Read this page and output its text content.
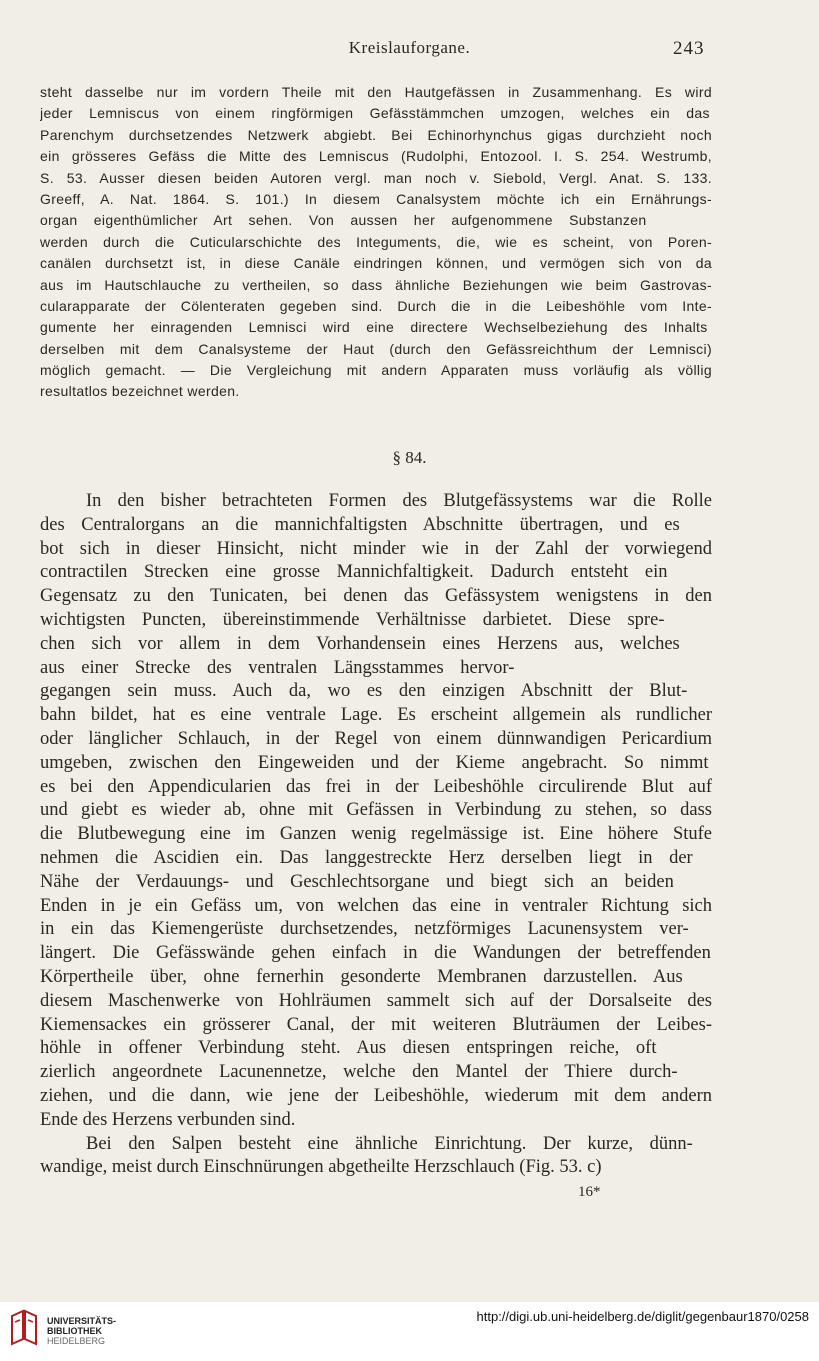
Kreislauforgane.	243
steht dasselbe nur im vordern Theile mit den Hautgefässen in Zusammenhang. Es wird
jeder Lemniscus von einem ringförmigen Gefässtämmchen umzogen, welches ein das
Parenchym durchsetzendes Netzwerk abgiebt. Bei Echinorhynchus gigas durchzieht noch
ein grösseres Gefäss die Mitte des Lemniscus (Rudolphi, Entozool. I. S. 254. Westrumb,
S. 53. Ausser diesen beiden Autoren vergl. man noch v. Siebold, Vergl. Anat. S. 133.
Greeff, A. Nat. 1864. S. 101.) In diesem Canalsystem möchte ich ein Ernährungs-
organ eigenthümlicher Art sehen. Von aussen her aufgenommene Substanzen
werden durch die Cuticularschichte des Integuments, die, wie es scheint, von Poren-
canälen durchsetzt ist, in diese Canäle eindringen können, und vermögen sich von da
aus im Hautschlauche zu vertheilen, so dass ähnliche Beziehungen wie beim Gastrovas-
cularapparate der Cölenteraten gegeben sind. Durch die in die Leibeshöhle vom Inte-
gumente her einragenden Lemnisci wird eine directere Wechselbeziehung des Inhalts
derselben mit dem Canalsysteme der Haut (durch den Gefässreichthum der Lemnisci)
möglich gemacht. — Die Vergleichung mit andern Apparaten muss vorläufig als völlig
resultatlos bezeichnet werden.
§ 84.
In den bisher betrachteten Formen des Blutgefässystems war die Rolle
des Centralorgans an die mannichfaltigsten Abschnitte übertragen, und es
bot sich in dieser Hinsicht, nicht minder wie in der Zahl der vorwiegend
contractilen Strecken eine grosse Mannichfaltigkeit. Dadurch entsteht ein
Gegensatz zu den Tunicaten, bei denen das Gefässystem wenigstens in den
wichtigsten Puncten, übereinstimmende Verhältnisse darbietet. Diese spre-
chen sich vor allem in dem Vorhandensein eines Herzens aus, welches
aus einer Strecke des ventralen Längsstammes hervor-
gegangen sein muss. Auch da, wo es den einzigen Abschnitt der Blut-
bahn bildet, hat es eine ventrale Lage. Es erscheint allgemein als rundlicher
oder länglicher Schlauch, in der Regel von einem dünnwandigen Pericardium
umgeben, zwischen den Eingeweiden und der Kieme angebracht. So nimmt
es bei den Appendicularien das frei in der Leibeshöhle circulirende Blut auf
und giebt es wieder ab, ohne mit Gefässen in Verbindung zu stehen, so dass
die Blutbewegung eine im Ganzen wenig regelmässige ist. Eine höhere Stufe
nehmen die Ascidien ein. Das langgestreckte Herz derselben liegt in der
Nähe der Verdauungs- und Geschlechtsorgane und biegt sich an beiden
Enden in je ein Gefäss um, von welchen das eine in ventraler Richtung sich
in ein das Kiemengerüste durchsetzendes, netzförmiges Lacunensystem ver-
längert. Die Gefässwände gehen einfach in die Wandungen der betreffenden
Körpertheile über, ohne fernerhin gesonderte Membranen darzustellen. Aus
diesem Maschenwerke von Hohlräumen sammelt sich auf der Dorsalseite des
Kiemensackes ein grösserer Canal, der mit weiteren Bluträumen der Leibes-
höhle in offener Verbindung steht. Aus diesen entspringen reiche, oft
zierlich angeordnete Lacunennetze, welche den Mantel der Thiere durch-
ziehen, und die dann, wie jene der Leibeshöhle, wiederum mit dem andern
Ende des Herzens verbunden sind.
Bei den Salpen besteht eine ähnliche Einrichtung. Der kurze, dünn-
wandige, meist durch Einschnürungen abgetheilte Herzschlauch (Fig. 53. c)
16*
UNIVERSITÄTS-
BIBLIOTHEK
HEIDELBERG
http://digi.ub.uni-heidelberg.de/diglit/gegenbaur1870/0258
